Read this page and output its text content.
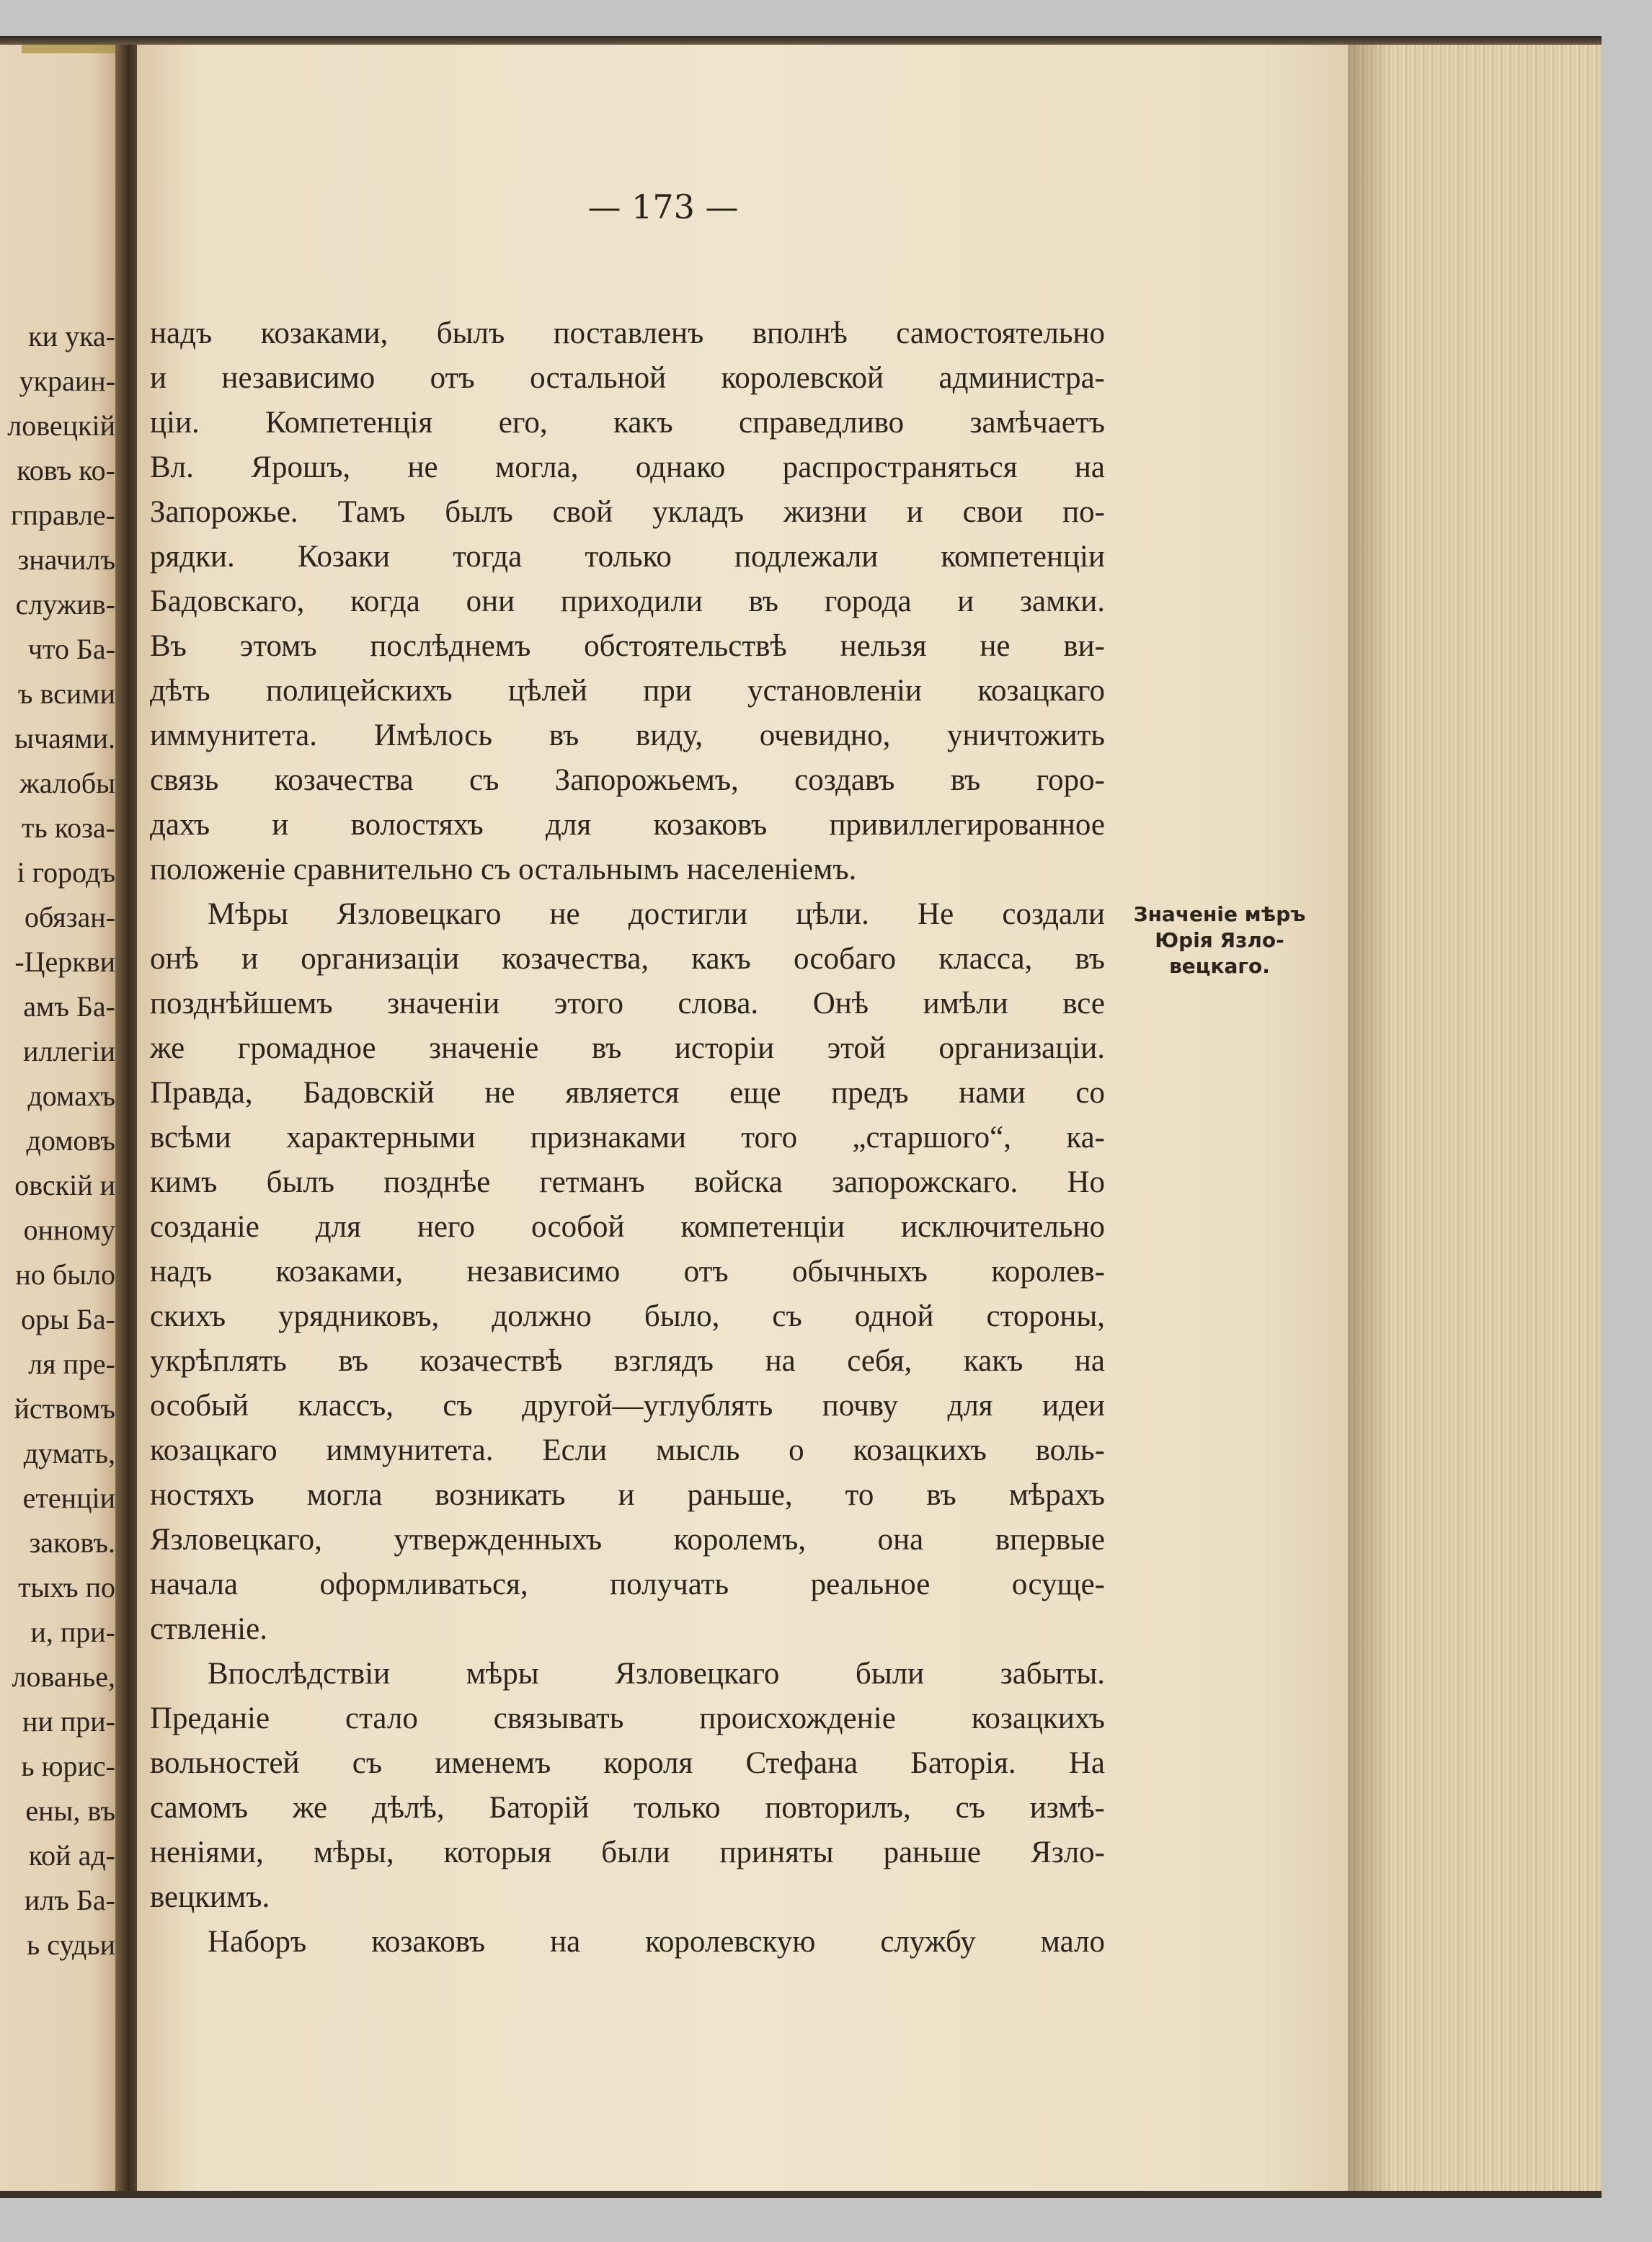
ки ука-
украин-
ловецкій
ковъ ко-
гправле-
значилъ
служив-
что Ба-
ъ всими
ычаями.
жалобы
ть коза-
і городъ
обязан-
-Церкви
амъ Ба-
иллегіи
домахъ
домовъ
овскій и
онному
но было
оры Ба-
ля пре-
йствомъ
думать,
етенціи
заковъ.
тыхъ по
и, при-
лованье,
ни при-
ь юрис-
ены, въ
кой ад-
илъ Ба-
ь судьи
— 173 —
надъ козаками, былъ поставленъ вполнѣ самостоятельно
и независимо отъ остальной королевской администра-
ціи. Компетенція его, какъ справедливо замѣчаетъ
Вл. Ярошъ, не могла, однако распространяться на
Запорожье. Тамъ былъ свой укладъ жизни и свои по-
рядки. Козаки тогда только подлежали компетенціи
Бадовскаго, когда они приходили въ города и замки.
Въ этомъ послѣднемъ обстоятельствѣ нельзя не ви-
дѣть полицейскихъ цѣлей при установленіи козацкаго
иммунитета. Имѣлось въ виду, очевидно, уничтожить
связь козачества съ Запорожьемъ, создавъ въ горо-
дахъ и волостяхъ для козаковъ привиллегированное
положеніе сравнительно съ остальнымъ населеніемъ.
Мѣры Язловецкаго не достигли цѣли. Не создали
онѣ и организаціи козачества, какъ особаго класса, въ
позднѣйшемъ значеніи этого слова. Онѣ имѣли все
же громадное значеніе въ исторіи этой организаціи.
Правда, Бадовскій не является еще предъ нами со
всѣми характерными признаками того „старшого“, ка-
кимъ былъ позднѣе гетманъ войска запорожскаго. Но
созданіе для него особой компетенціи исключительно
надъ козаками, независимо отъ обычныхъ королев-
скихъ урядниковъ, должно было, съ одной стороны,
укрѣплять въ козачествѣ взглядъ на себя, какъ на
особый классъ, съ другой—углублять почву для идеи
козацкаго иммунитета. Если мысль о козацкихъ воль-
ностяхъ могла возникать и раньше, то въ мѣрахъ
Язловецкаго, утвержденныхъ королемъ, она впервые
начала оформливаться, получать реальное осуще-
ствленіе.
Впослѣдствіи мѣры Язловецкаго были забыты.
Преданіе стало связывать происхожденіе козацкихъ
вольностей съ именемъ короля Стефана Баторія. На
самомъ же дѣлѣ, Баторій только повторилъ, съ измѣ-
неніями, мѣры, которыя были приняты раньше Язло-
вецкимъ.
Наборъ козаковъ на королевскую службу мало
Значеніе мѣръ
Юрія Язло-
вецкаго.
